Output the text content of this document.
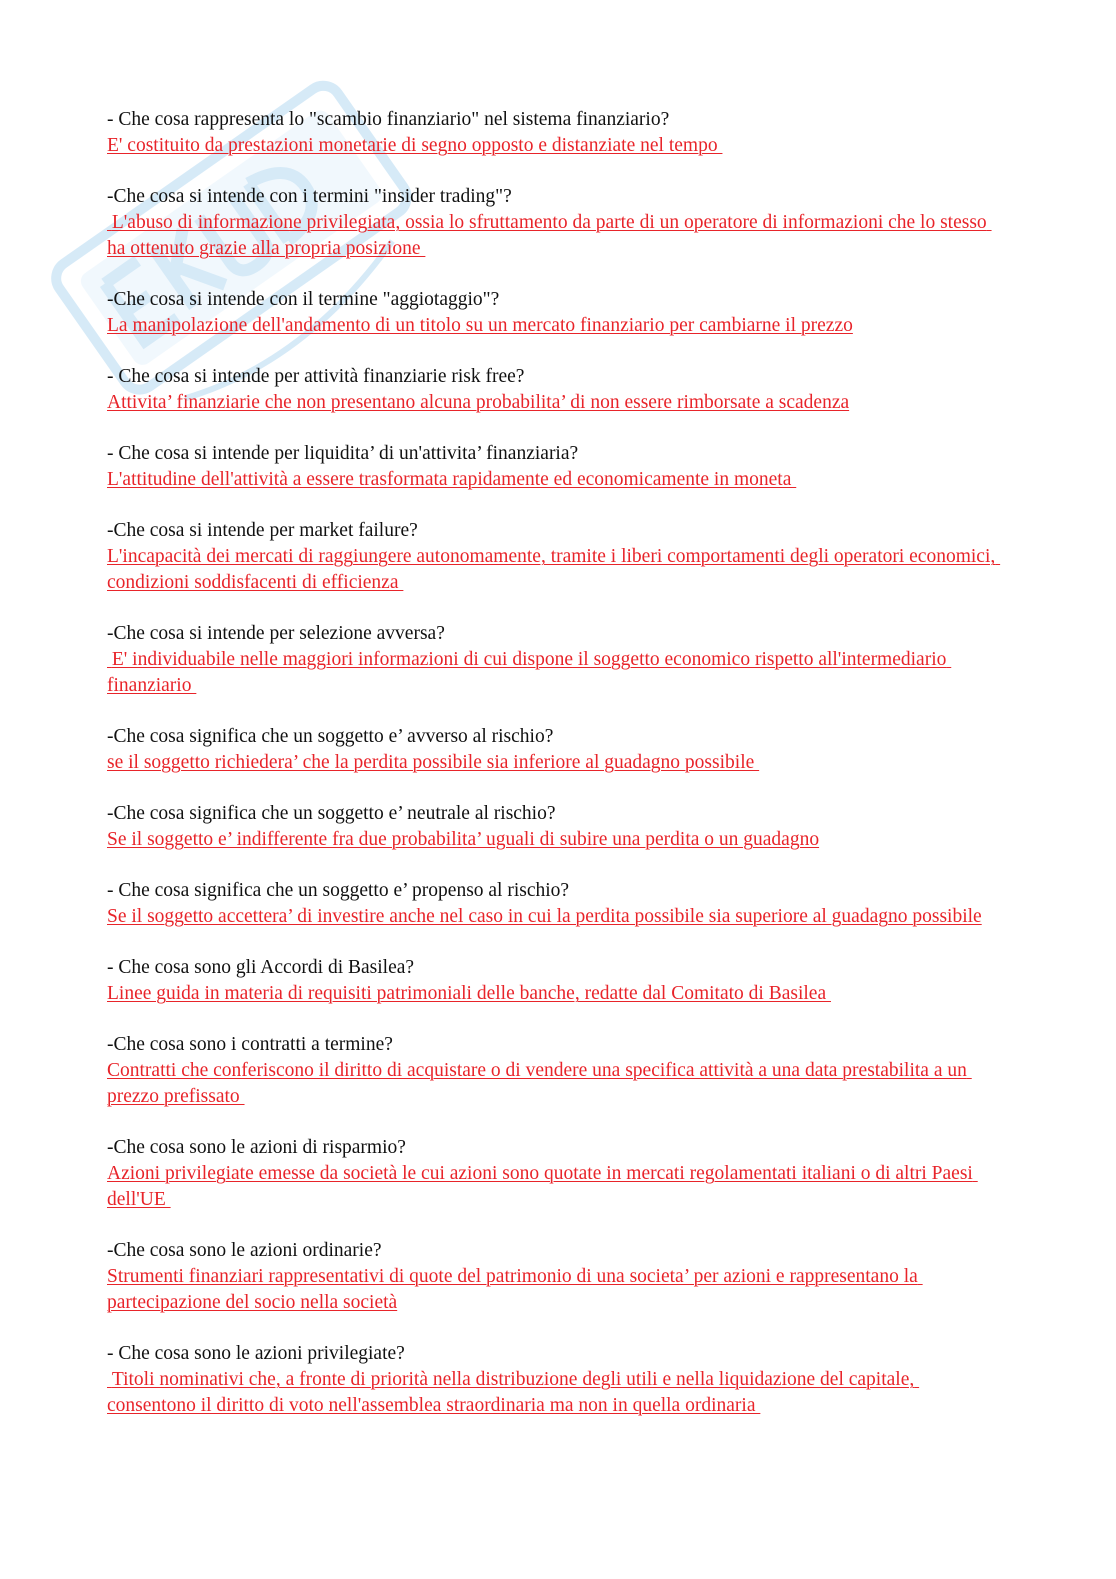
- Che cosa rappresenta lo "scambio finanziario" nel sistema finanziario?
E' costituito da prestazioni monetarie di segno opposto e distanziate nel tempo
-Che cosa si intende con i termini "insider trading"?
L'abuso di informazione privilegiata, ossia lo sfruttamento da parte di un operatore di informazioni che lo stesso ha ottenuto grazie alla propria posizione
-Che cosa si intende con il termine "aggiotaggio"?
La manipolazione dell'andamento di un titolo su un mercato finanziario per cambiarne il prezzo
- Che cosa si intende per attività finanziarie risk free?
Attivita’ finanziarie che non presentano alcuna probabilita’ di non essere rimborsate a scadenza
- Che cosa si intende per liquidita’ di un'attivita’ finanziaria?
L'attitudine dell'attività a essere trasformata rapidamente ed economicamente in moneta
-Che cosa si intende per market failure?
L'incapacità dei mercati di raggiungere autonomamente, tramite i liberi comportamenti degli operatori economici, condizioni soddisfacenti di efficienza
-Che cosa si intende per selezione avversa?
E' individuabile nelle maggiori informazioni di cui dispone il soggetto economico rispetto all'intermediario finanziario
-Che cosa significa che un soggetto e’ avverso al rischio?
se il soggetto richiedera’ che la perdita possibile sia inferiore al guadagno possibile
-Che cosa significa che un soggetto e’ neutrale al rischio?
Se il soggetto e’ indifferente fra due probabilita’ uguali di subire una perdita o un guadagno
- Che cosa significa che un soggetto e’ propenso al rischio?
Se il soggetto accettera’ di investire anche nel caso in cui la perdita possibile sia superiore al guadagno possibile
- Che cosa sono gli Accordi di Basilea?
Linee guida in materia di requisiti patrimoniali delle banche, redatte dal Comitato di Basilea
-Che cosa sono i contratti a termine?
Contratti che conferiscono il diritto di acquistare o di vendere una specifica attività a una data prestabilita a un prezzo prefissato
-Che cosa sono le azioni di risparmio?
Azioni privilegiate emesse da società le cui azioni sono quotate in mercati regolamentati italiani o di altri Paesi dell'UE
-Che cosa sono le azioni ordinarie?
Strumenti finanziari rappresentativi di quote del patrimonio di una societa’ per azioni e rappresentano la partecipazione del socio nella società
- Che cosa sono le azioni privilegiate?
Titoli nominativi che, a fronte di priorità nella distribuzione degli utili e nella liquidazione del capitale, consentono il diritto di voto nell'assemblea straordinaria ma non in quella ordinaria
